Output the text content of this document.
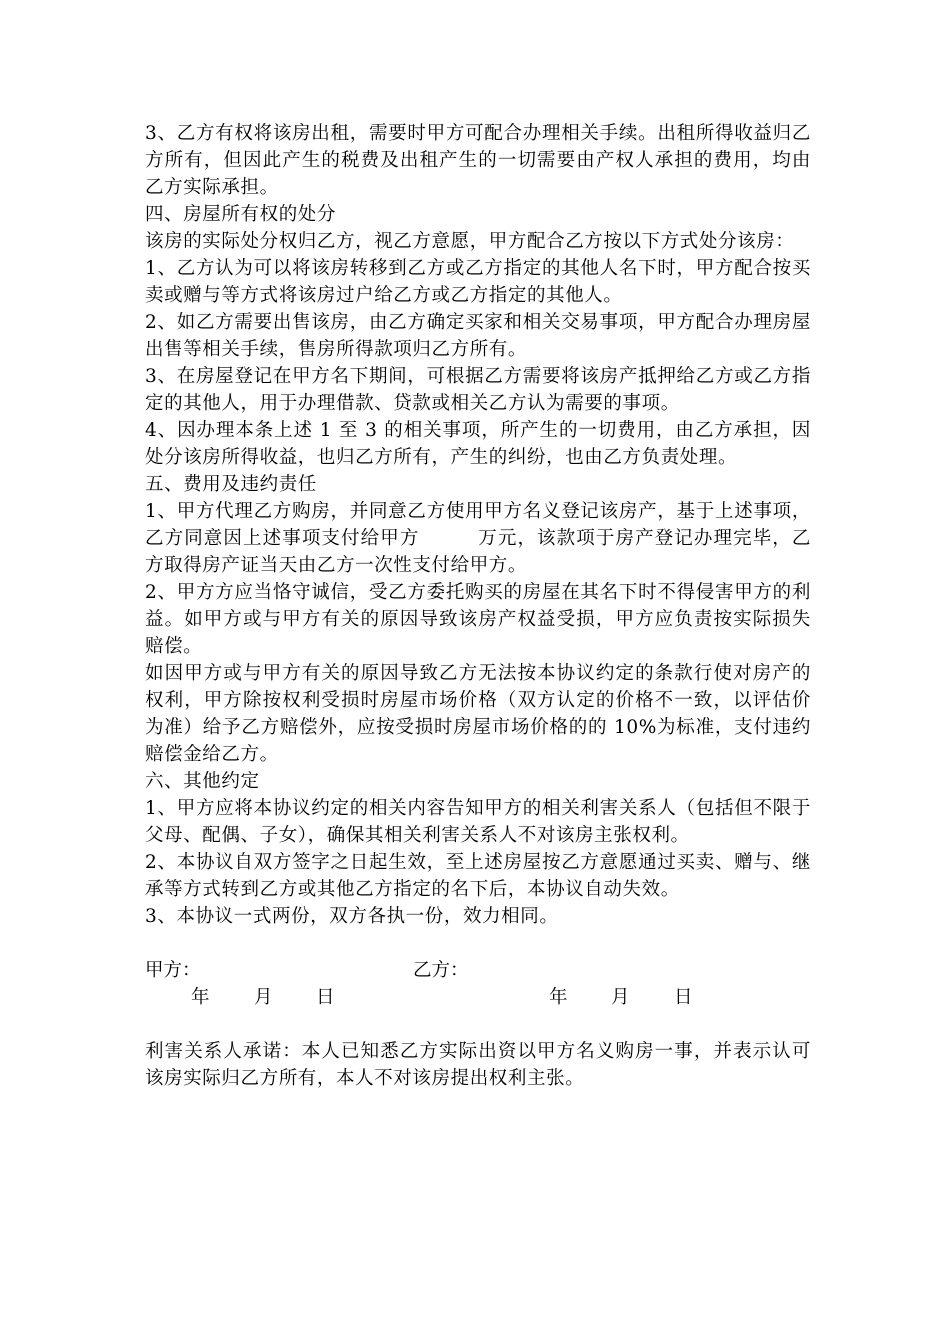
3、乙方有权将该房出租，需要时甲方可配合办理相关手续。出租所得收益归乙方所有，但因此产生的税费及出租产生的一切需要由产权人承担的费用，均由乙方实际承担。

四、房屋所有权的处分

该房的实际处分权归乙方，视乙方意愿，甲方配合乙方按以下方式处分该房：

1、乙方认为可以将该房转移到乙方或乙方指定的其他人名下时，甲方配合按买卖或赠与等方式将该房过户给乙方或乙方指定的其他人。

2、如乙方需要出售该房，由乙方确定买家和相关交易事项，甲方配合办理房屋出售等相关手续，售房所得款项归乙方所有。

3、在房屋登记在甲方名下期间，可根据乙方需要将该房产抵押给乙方或乙方指定的其他人，用于办理借款、贷款或相关乙方认为需要的事项。

4、因办理本条上述 1 至 3 的相关事项，所产生的一切费用，由乙方承担，因处分该房所得收益，也归乙方所有，产生的纠纷，也由乙方负责处理。

五、费用及违约责任

1、甲方代理乙方购房，并同意乙方使用甲方名义登记该房产，基于上述事项，乙方同意因上述事项支付给甲方　　　万元，该款项于房产登记办理完毕，乙方取得房产证当天由乙方一次性支付给甲方。

2、甲方方应当恪守诚信，受乙方委托购买的房屋在其名下时不得侵害甲方的利益。如甲方或与甲方有关的原因导致该房产权益受损，甲方应负责按实际损失赔偿。

如因甲方或与甲方有关的原因导致乙方无法按本协议约定的条款行使对房产的权利，甲方除按权利受损时房屋市场价格（双方认定的价格不一致，以评估价为准）给予乙方赔偿外，应按受损时房屋市场价格的的 10%为标准，支付违约赔偿金给乙方。

六、其他约定

1、甲方应将本协议约定的相关内容告知甲方的相关利害关系人（包括但不限于父母、配偶、子女），确保其相关利害关系人不对该房主张权利。

2、本协议自双方签字之日起生效，至上述房屋按乙方意愿通过买卖、赠与、继承等方式转到乙方或其他乙方指定的名下后，本协议自动失效。

3、本协议一式两份，双方各执一份，效力相同。

甲方：	乙方：
年 月 日	年 月 日

利害关系人承诺：本人已知悉乙方实际出资以甲方名义购房一事，并表示认可该房实际归乙方所有，本人不对该房提出权利主张。
